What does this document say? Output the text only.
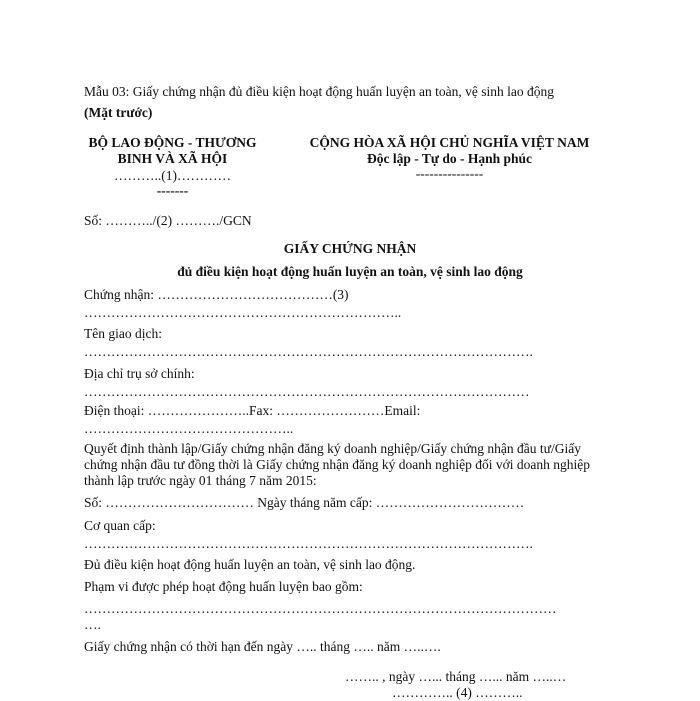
Mẫu 03: Giấy chứng nhận đủ điều kiện hoạt động huấn luyện an toàn, vệ sinh lao động
(Mặt trước)
BỘ LAO ĐỘNG - THƯƠNG
BINH VÀ XÃ HỘI
………..(1)…………
-------
CỘNG HÒA XÃ HỘI CHỦ NGHĨA VIỆT NAM
Độc lập - Tự do - Hạnh phúc
---------------
Số: ………../(2) ………./GCN
GIẤY CHỨNG NHẬN
đủ điều kiện hoạt động huấn luyện an toàn, vệ sinh lao động
Chứng nhận: …………………………………(3)
……………………………………………………………..
Tên giao dịch:
……………………………………………………………………………………….
Địa chỉ trụ sở chính:
………………………………………………………………………………………
Điện thoại: …………………..Fax: ……………………Email:
………………………………………..
Quyết định thành lập/Giấy chứng nhận đăng ký doanh nghiệp/Giấy chứng nhận đầu tư/Giấy
chứng nhận đầu tư đồng thời là Giấy chứng nhận đăng ký doanh nghiệp đối với doanh nghiệp
thành lập trước ngày 01 tháng 7 năm 2015:
Số: …………………………… Ngày tháng năm cấp: ……………………………
Cơ quan cấp:
……………………………………………………………………………………….
Đủ điều kiện hoạt động huấn luyện an toàn, vệ sinh lao động.
Phạm vi được phép hoạt động huấn luyện bao gồm:
……………………………………………………………………………………………
….
Giấy chứng nhận có thời hạn đến ngày ….. tháng ….. năm …..….
…….. , ngày …... tháng …... năm …..…
………….. (4) ………..
